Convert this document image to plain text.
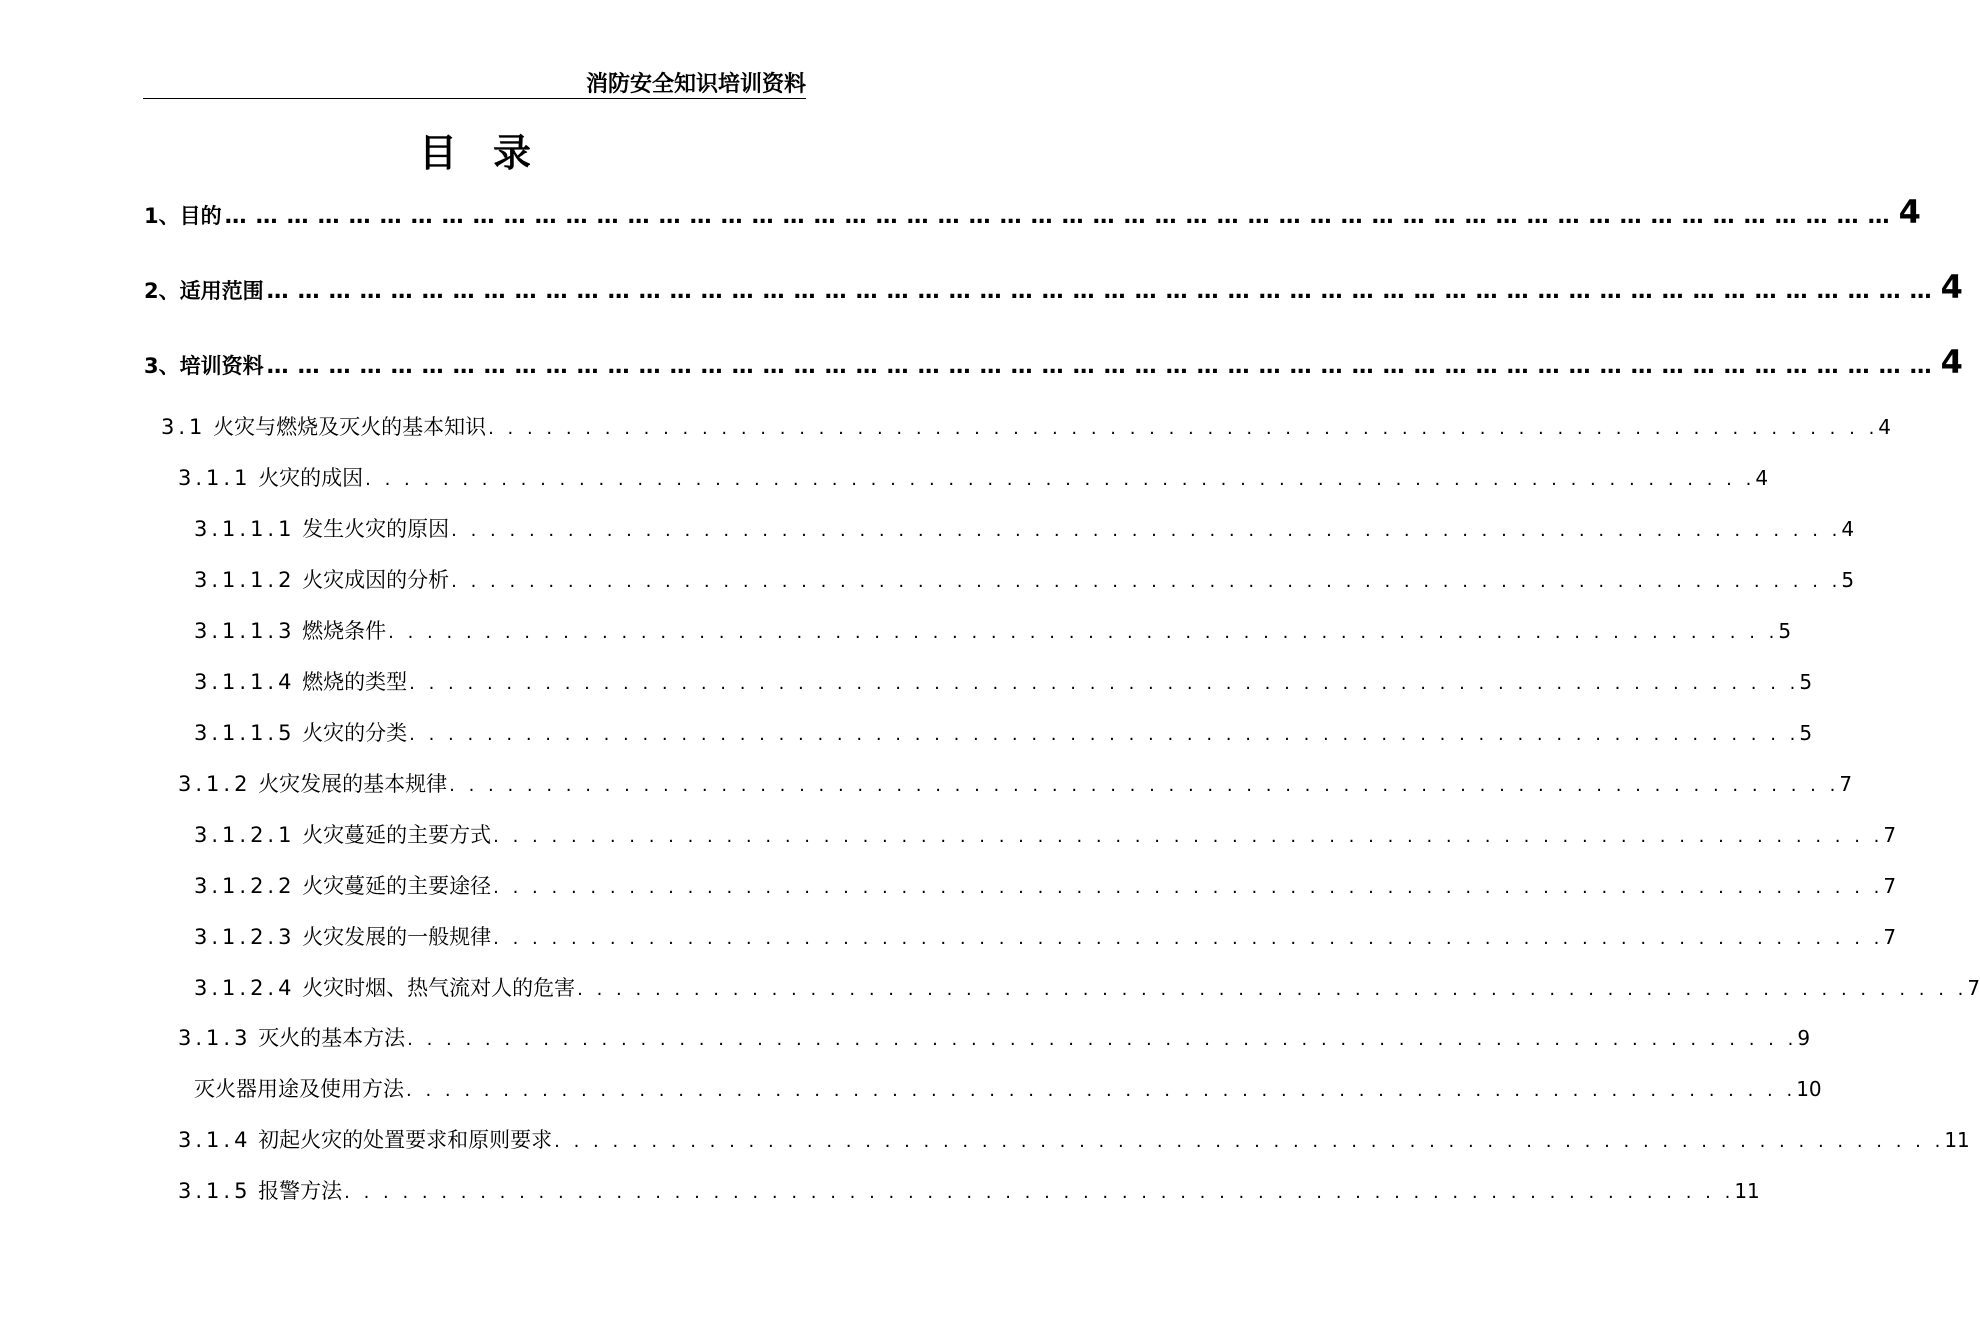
消防安全知识培训资料
目录
1、目的 ……………………………………………………………………………………………………………………………………………… 4
2、适用范围 ……………………………………………………………………………………………………………………………………………… 4
3、培训资料 ……………………………………………………………………………………………………………………………………………… 4
3.1 火灾与燃烧及灭火的基本知识 . . . . . . . . . . . . . . . . . . . . . . . . . . . . . . . . . . . . . . . . . . . . . . . . . . . . . . . . . . . . . . . . . . . . . . . . 4
3.1.1 火灾的成因 . . . . . . . . . . . . . . . . . . . . . . . . . . . . . . . . . . . . . . . . . . . . . . . . . . . . . . . . . . . . . . . . . . . . . . . . 4
3.1.1.1 发生火灾的原因 . . . . . . . . . . . . . . . . . . . . . . . . . . . . . . . . . . . . . . . . . . . . . . . . . . . . . . . . . . . . . . . . . . . . . . . . 4
3.1.1.2 火灾成因的分析 . . . . . . . . . . . . . . . . . . . . . . . . . . . . . . . . . . . . . . . . . . . . . . . . . . . . . . . . . . . . . . . . . . . . . . . . 5
3.1.1.3 燃烧条件 . . . . . . . . . . . . . . . . . . . . . . . . . . . . . . . . . . . . . . . . . . . . . . . . . . . . . . . . . . . . . . . . . . . . . . . . 5
3.1.1.4 燃烧的类型 . . . . . . . . . . . . . . . . . . . . . . . . . . . . . . . . . . . . . . . . . . . . . . . . . . . . . . . . . . . . . . . . . . . . . . . . 5
3.1.1.5 火灾的分类 . . . . . . . . . . . . . . . . . . . . . . . . . . . . . . . . . . . . . . . . . . . . . . . . . . . . . . . . . . . . . . . . . . . . . . . . 5
3.1.2 火灾发展的基本规律 . . . . . . . . . . . . . . . . . . . . . . . . . . . . . . . . . . . . . . . . . . . . . . . . . . . . . . . . . . . . . . . . . . . . . . . . 7
3.1.2.1 火灾蔓延的主要方式 . . . . . . . . . . . . . . . . . . . . . . . . . . . . . . . . . . . . . . . . . . . . . . . . . . . . . . . . . . . . . . . . . . . . . . . . 7
3.1.2.2 火灾蔓延的主要途径 . . . . . . . . . . . . . . . . . . . . . . . . . . . . . . . . . . . . . . . . . . . . . . . . . . . . . . . . . . . . . . . . . . . . . . . . 7
3.1.2.3 火灾发展的一般规律 . . . . . . . . . . . . . . . . . . . . . . . . . . . . . . . . . . . . . . . . . . . . . . . . . . . . . . . . . . . . . . . . . . . . . . . . 7
3.1.2.4 火灾时烟、热气流对人的危害 . . . . . . . . . . . . . . . . . . . . . . . . . . . . . . . . . . . . . . . . . . . . . . . . . . . . . . . . . . . . . . . . . . . . . . . . 7
3.1.3 灭火的基本方法 . . . . . . . . . . . . . . . . . . . . . . . . . . . . . . . . . . . . . . . . . . . . . . . . . . . . . . . . . . . . . . . . . . . . . . . . 9
灭火器用途及使用方法 . . . . . . . . . . . . . . . . . . . . . . . . . . . . . . . . . . . . . . . . . . . . . . . . . . . . . . . . . . . . . . . . . . . . . . . . 10
3.1.4 初起火灾的处置要求和原则要求 . . . . . . . . . . . . . . . . . . . . . . . . . . . . . . . . . . . . . . . . . . . . . . . . . . . . . . . . . . . . . . . . . . . . . . . . 11
3.1.5 报警方法 . . . . . . . . . . . . . . . . . . . . . . . . . . . . . . . . . . . . . . . . . . . . . . . . . . . . . . . . . . . . . . . . . . . . . . . . 11
